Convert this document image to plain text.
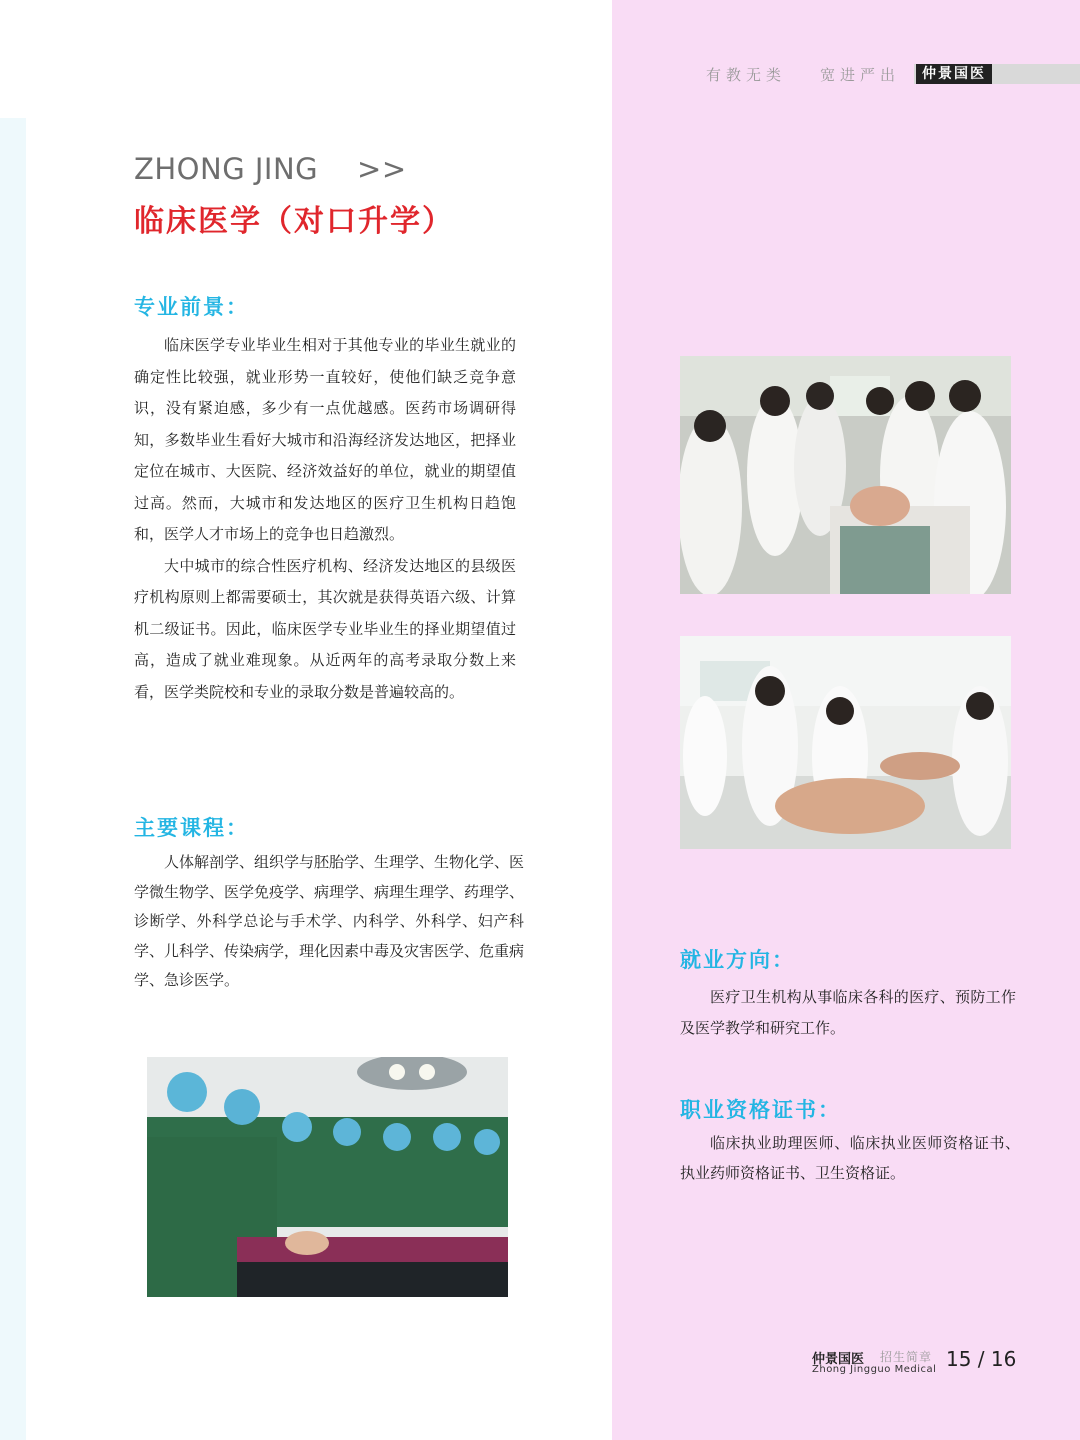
有教无类 宽进严出	仲景国医
ZHONG JING    >>
临床医学（对口升学）
专业前景：

临床医学专业毕业生相对于其他专业的毕业生就业的确定性比较强，就业形势一直较好，使他们缺乏竞争意识，没有紧迫感，多少有一点优越感。医药市场调研得知，多数毕业生看好大城市和沿海经济发达地区，把择业定位在城市、大医院、经济效益好的单位，就业的期望值过高。然而，大城市和发达地区的医疗卫生机构日趋饱和，医学人才市场上的竞争也日趋激烈。

大中城市的综合性医疗机构、经济发达地区的县级医疗机构原则上都需要硕士，其次就是获得英语六级、计算机二级证书。因此，临床医学专业毕业生的择业期望值过高，造成了就业难现象。从近两年的高考录取分数上来看，医学类院校和专业的录取分数是普遍较高的。

主要课程：

人体解剖学、组织学与胚胎学、生理学、生物化学、医学微生物学、医学免疫学、病理学、病理生理学、药理学、诊断学、外科学总论与手术学、内科学、外科学、妇产科学、儿科学、传染病学，理化因素中毒及灾害医学、危重病学、急诊医学。

就业方向：

医疗卫生机构从事临床各科的医疗、预防工作及医学教学和研究工作。

职业资格证书：

临床执业助理医师、临床执业医师资格证书、执业药师资格证书、卫生资格证。

仲景国医 招生简章
Zhong Jingguo Medical 15 / 16
